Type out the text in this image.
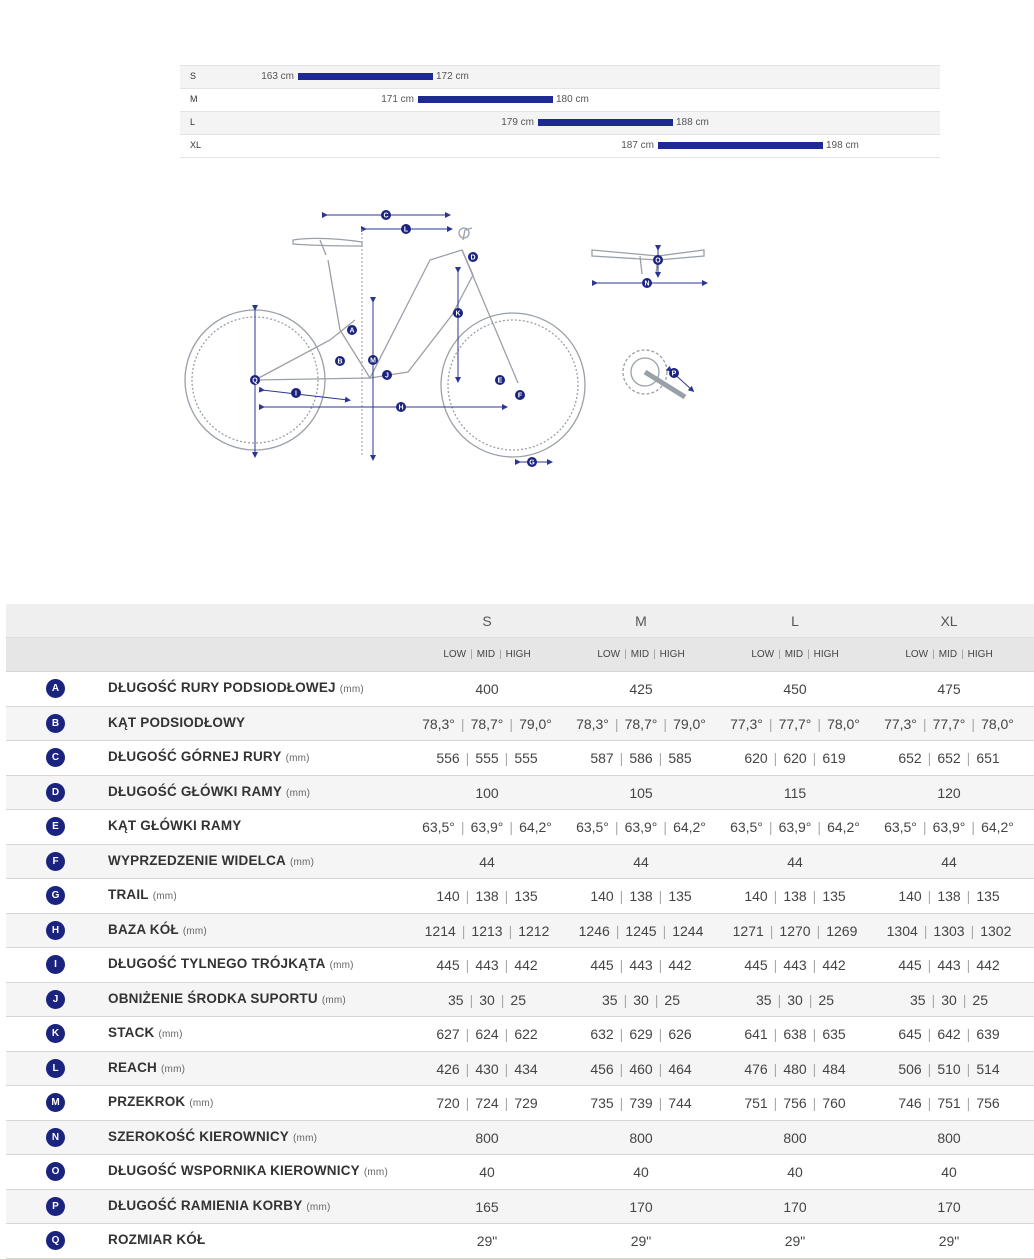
S	163 cm	172 cm
M	171 cm	180 cm
L	179 cm	188 cm
XL	187 cm	198 cm
A
B
C
D
E
F
G
H
I
J
K
L
M
N
O
P
Q
S	M	L	XL
LOW | MID | HIGH	LOW | MID | HIGH	LOW | MID | HIGH	LOW | MID | HIGH
A	DŁUGOŚĆ RURY PODSIODŁOWEJ (mm)	400	425	450	475
B	KĄT PODSIODŁOWY	78,3° | 78,7° | 79,0°	78,3° | 78,7° | 79,0°	77,3° | 77,7° | 78,0°	77,3° | 77,7° | 78,0°
C	DŁUGOŚĆ GÓRNEJ RURY (mm)	556 | 555 | 555	587 | 586 | 585	620 | 620 | 619	652 | 652 | 651
D	DŁUGOŚĆ GŁÓWKI RAMY (mm)	100	105	115	120
E	KĄT GŁÓWKI RAMY	63,5° | 63,9° | 64,2°	63,5° | 63,9° | 64,2°	63,5° | 63,9° | 64,2°	63,5° | 63,9° | 64,2°
F	WYPRZEDZENIE WIDELCA (mm)	44	44	44	44
G	TRAIL (mm)	140 | 138 | 135	140 | 138 | 135	140 | 138 | 135	140 | 138 | 135
H	BAZA KÓŁ (mm)	1214 | 1213 | 1212	1246 | 1245 | 1244	1271 | 1270 | 1269	1304 | 1303 | 1302
I	DŁUGOŚĆ TYLNEGO TRÓJKĄTA (mm)	445 | 443 | 442	445 | 443 | 442	445 | 443 | 442	445 | 443 | 442
J	OBNIŻENIE ŚRODKA SUPORTU (mm)	35 | 30 | 25	35 | 30 | 25	35 | 30 | 25	35 | 30 | 25
K	STACK (mm)	627 | 624 | 622	632 | 629 | 626	641 | 638 | 635	645 | 642 | 639
L	REACH (mm)	426 | 430 | 434	456 | 460 | 464	476 | 480 | 484	506 | 510 | 514
M	PRZEKROK (mm)	720 | 724 | 729	735 | 739 | 744	751 | 756 | 760	746 | 751 | 756
N	SZEROKOŚĆ KIEROWNICY (mm)	800	800	800	800
O	DŁUGOŚĆ WSPORNIKA KIEROWNICY (mm)	40	40	40	40
P	DŁUGOŚĆ RAMIENIA KORBY (mm)	165	170	170	170
Q	ROZMIAR KÓŁ	29"	29"	29"	29"
